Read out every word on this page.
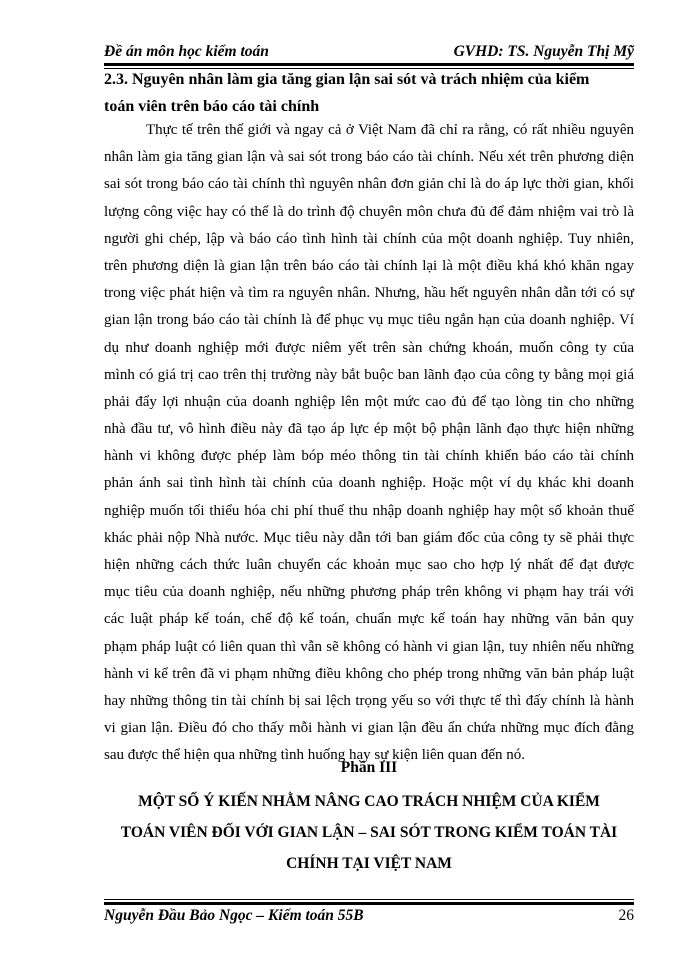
Đề án môn học kiểm toán	GVHD: TS. Nguyễn Thị Mỹ
2.3. Nguyên nhân làm gia tăng gian lận sai sót và trách nhiệm của kiểm
toán viên trên báo cáo tài chính
Thực tế trên thế giới và ngay cả ở Việt Nam đã chỉ ra rằng, có rất nhiều nguyên
nhân làm gia tăng gian lận và sai sót trong báo cáo tài chính. Nếu xét trên phương diện
sai sót trong báo cáo tài chính thì nguyên nhân đơn giản chỉ là do áp lực thời gian, khối
lượng công việc hay có thể là do trình độ chuyên môn chưa đủ để đảm nhiệm vai trò là
người ghi chép, lập và báo cáo tình hình tài chính của một doanh nghiệp. Tuy nhiên,
trên phương diện là gian lận trên báo cáo tài chính lại là một điều khá khó khăn ngay
trong việc phát hiện và tìm ra nguyên nhân. Nhưng, hầu hết nguyên nhân dẫn tới có sự
gian lận trong báo cáo tài chính là để phục vụ mục tiêu ngắn hạn của doanh nghiệp. Ví
dụ như doanh nghiệp mới được niêm yết trên sàn chứng khoán, muốn công ty của
mình có giá trị cao trên thị trường này bắt buộc ban lãnh đạo của công ty bằng mọi giá
phải đẩy lợi nhuận của doanh nghiệp lên một mức cao đủ để tạo lòng tin cho những
nhà đầu tư, vô hình điều này đã tạo áp lực ép một bộ phận lãnh đạo thực hiện những
hành vi không được phép làm bóp méo thông tin tài chính khiến báo cáo tài chính
phản ánh sai tình hình tài chính của doanh nghiệp. Hoặc một ví dụ khác khi doanh
nghiệp muốn tối thiểu hóa chi phí thuế thu nhập doanh nghiệp hay một số khoản thuế
khác phải nộp Nhà nước. Mục tiêu này dẫn tới ban giám đốc của công ty sẽ phải thực
hiện những cách thức luân chuyển các khoản mục sao cho hợp lý nhất để đạt được
mục tiêu của doanh nghiệp, nếu những phương pháp trên không vi phạm hay trái với
các luật pháp kế toán, chế độ kế toán, chuẩn mực kế toán hay những văn bản quy
phạm pháp luật có liên quan thì vẫn sẽ không có hành vi gian lận, tuy nhiên nếu những
hành vi kể trên đã vi phạm những điều không cho phép trong những văn bản pháp luật
hay những thông tin tài chính bị sai lệch trọng yếu so với thực tế thì đấy chính là hành
vi gian lận. Điều đó cho thấy mỗi hành vi gian lận đều ẩn chứa những mục đích đằng
sau được thể hiện qua những tình huống hay sự kiện liên quan đến nó.
Phần III
MỘT SỐ Ý KIẾN NHẰM NÂNG CAO TRÁCH NHIỆM CỦA KIỂM
TOÁN VIÊN ĐỐI VỚI GIAN LẬN – SAI SÓT TRONG KIỂM TOÁN TÀI
CHÍNH TẠI VIỆT NAM
Nguyễn Đầu Bảo Ngọc – Kiểm toán 55B	26
